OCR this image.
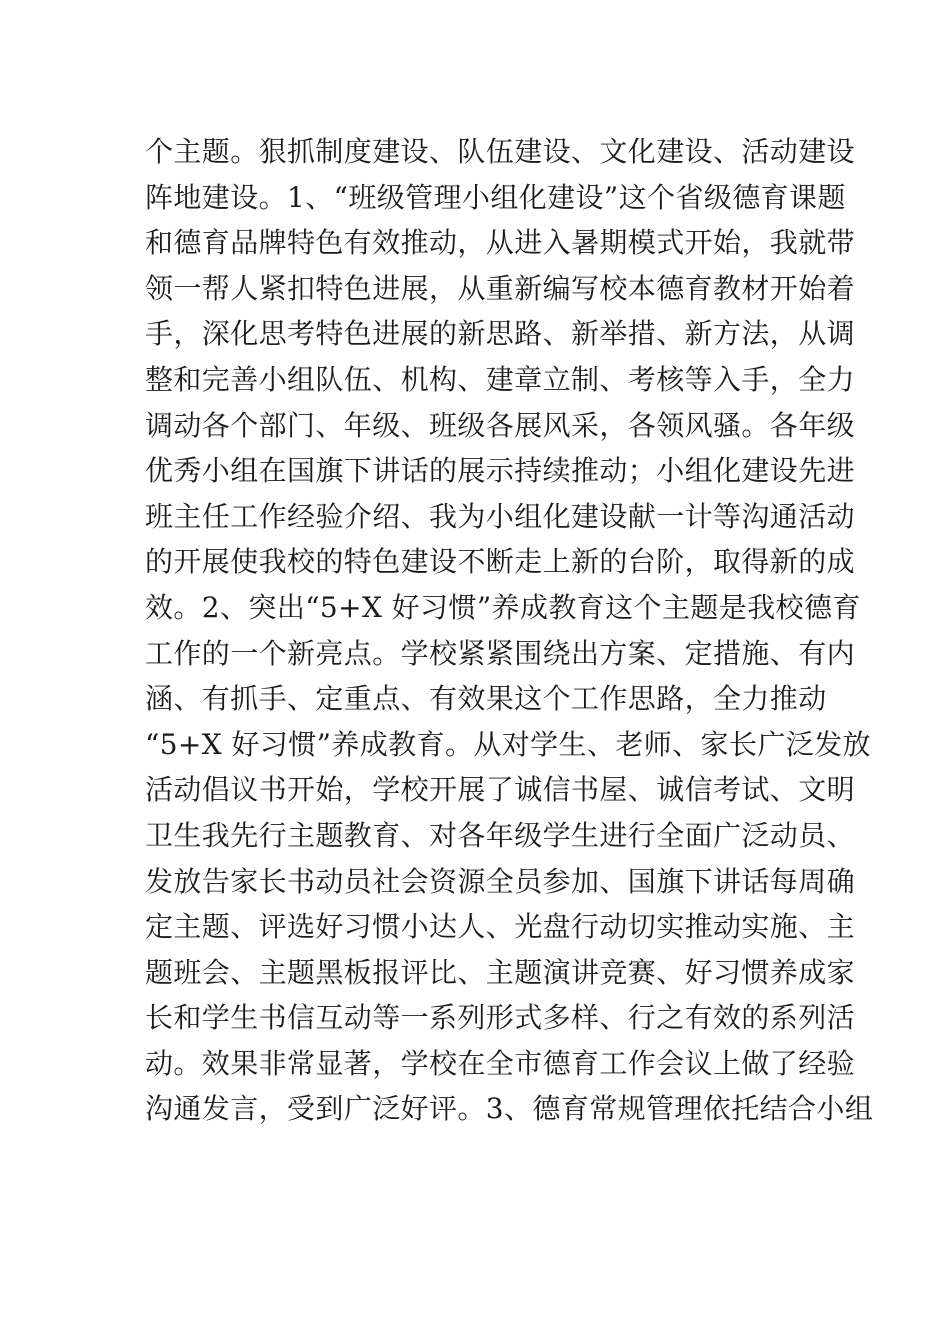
个主题。狠抓制度建设、队伍建设、文化建设、活动建设
阵地建设。1、“班级管理小组化建设”这个省级德育课题
和德育品牌特色有效推动，从进入暑期模式开始，我就带
领一帮人紧扣特色进展，从重新编写校本德育教材开始着
手，深化思考特色进展的新思路、新举措、新方法，从调
整和完善小组队伍、机构、建章立制、考核等入手，全力
调动各个部门、年级、班级各展风采，各领风骚。各年级
优秀小组在国旗下讲话的展示持续推动；小组化建设先进
班主任工作经验介绍、我为小组化建设献一计等沟通活动
的开展使我校的特色建设不断走上新的台阶，取得新的成
效。2、突出“5+X 好习惯”养成教育这个主题是我校德育
工作的一个新亮点。学校紧紧围绕出方案、定措施、有内
涵、有抓手、定重点、有效果这个工作思路，全力推动
“5+X 好习惯”养成教育。从对学生、老师、家长广泛发放
活动倡议书开始，学校开展了诚信书屋、诚信考试、文明
卫生我先行主题教育、对各年级学生进行全面广泛动员、
发放告家长书动员社会资源全员参加、国旗下讲话每周确
定主题、评选好习惯小达人、光盘行动切实推动实施、主
题班会、主题黑板报评比、主题演讲竞赛、好习惯养成家
长和学生书信互动等一系列形式多样、行之有效的系列活
动。效果非常显著，学校在全市德育工作会议上做了经验
沟通发言，受到广泛好评。3、德育常规管理依托结合小组
